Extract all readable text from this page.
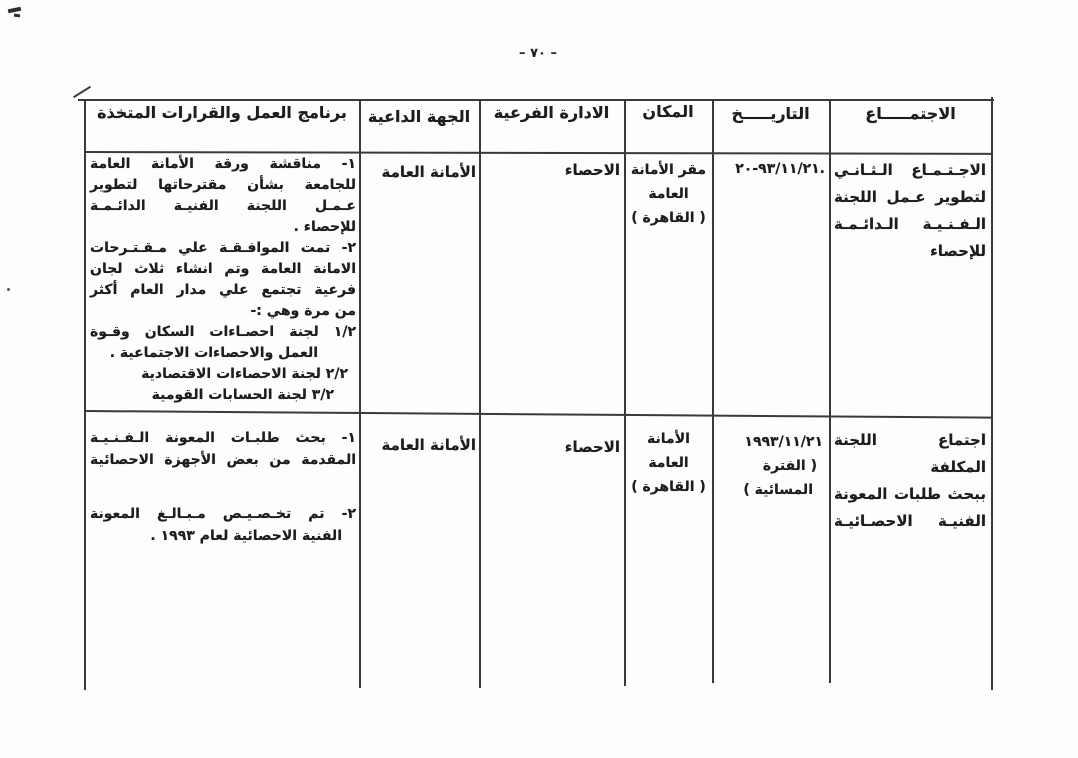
– ٧٠ –
الاجتمـــــاع
التاريـــــخ
المكان
الادارة الفرعية
الجهة الداعية
برنامج العمل والقرارات المتخذة
الاجـتـمـاع الـثـانـي
لتطوير عـمل اللجنة
الـفـنـيـة الـدائـمـة
للإحصاء
٩٣/١١/٢١-٢٠.
مقر الأمانة
العامة
( القاهرة )
الاحصاء
الأمانة العامة
١- مناقشة ورقة الأمانة العامة
للجامعة بشأن مقترحاتها لتطوير
عـمـل اللجنة الفنيـة الدائـمـة
للإحصاء .
٢- تمت الموافـقـة علي مـقـتـرحات
الامانة العامة وتم انشاء ثلاث لجان
فرعية تجتمع علي مدار العام أكثر
من مرة وهي :-
١/٢ لجنة احصـاءات السكان وقـوة
العمل والاحصاءات الاجتماعية .
٢/٢ لجنة الاحصاءات الاقتصادية
٣/٢ لجنة الحسابات القومية
اجتماع اللجنة المكلفة
ببحث طلبات المعونة
الفنيـة الاحصـائيـة
١٩٩٣/١١/٢١
( الفترة
المسائية )
الأمانة العامة
( القاهرة )
الاحصاء
الأمانة العامة
١- بحث طلبـات المعونة الـفـنـيـة
المقدمة من بعض الأجهزة الاحصائية
٢- تم تخـصـيـص مـبـالـغ المعونة
الفنية الاحصائية لعام ١٩٩٣ .
